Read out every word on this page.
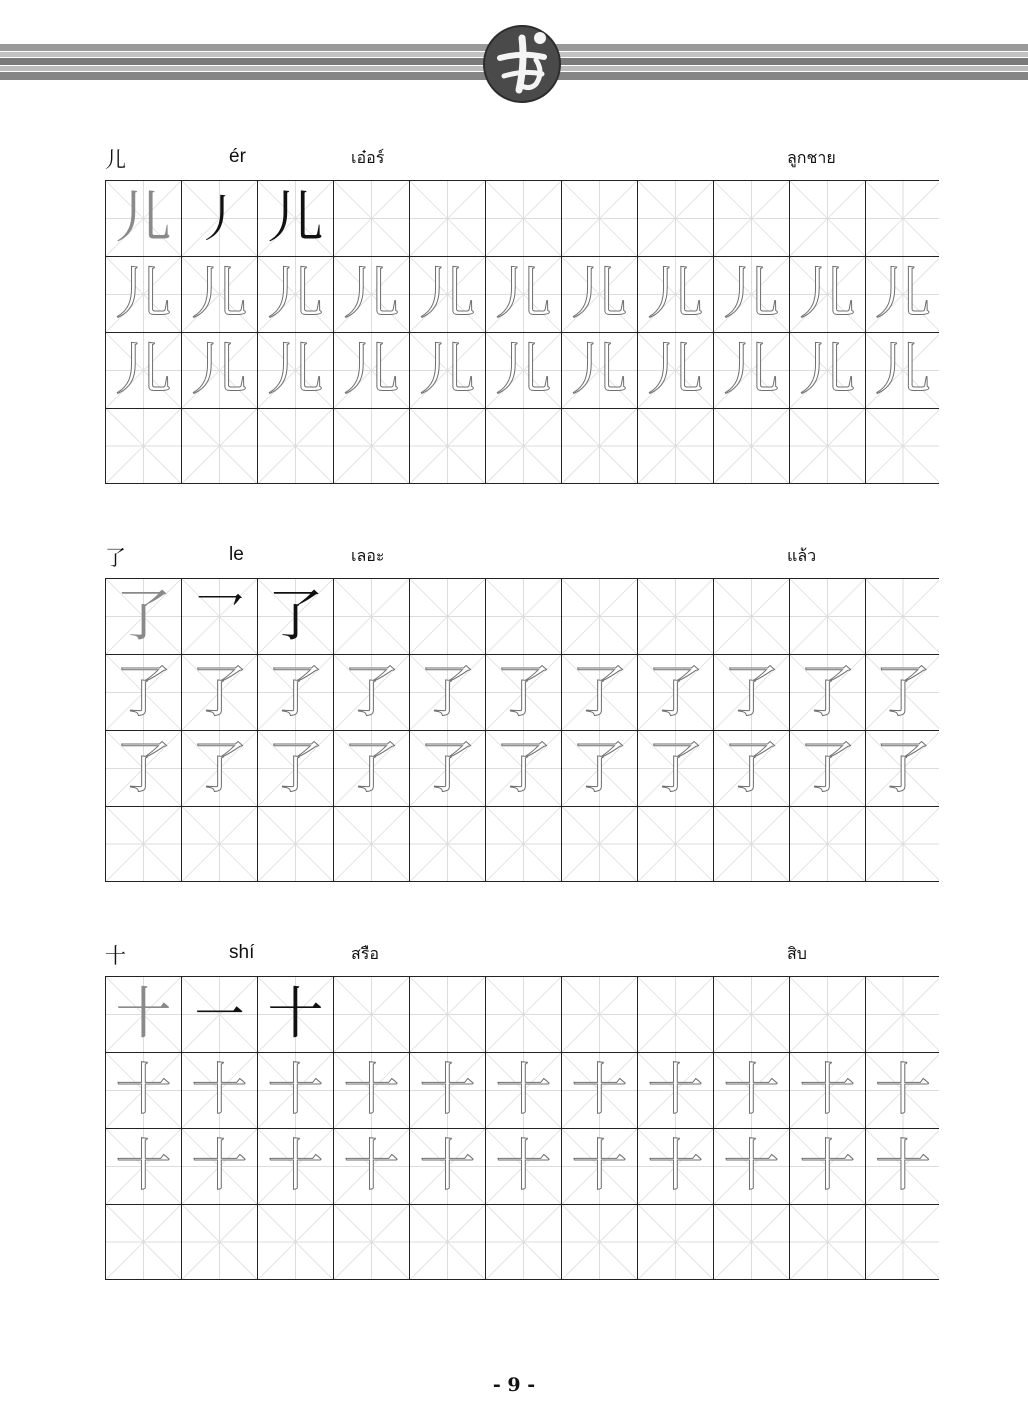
儿	ér	เอ๋อร์	ลูกชาย
儿 丿 儿
儿 儿 儿 儿 儿 儿 儿 儿 儿 儿 儿
儿 儿 儿 儿 儿 儿 儿 儿 儿 儿 儿
了	le	เลอะ	แล้ว
了 乛 了
了 了 了 了 了 了 了 了 了 了 了
了 了 了 了 了 了 了 了 了 了 了
十	shí	สรือ	สิบ
十 一 十
十 十 十 十 十 十 十 十 十 十 十
十 十 十 十 十 十 十 十 十 十 十
- 9 -
